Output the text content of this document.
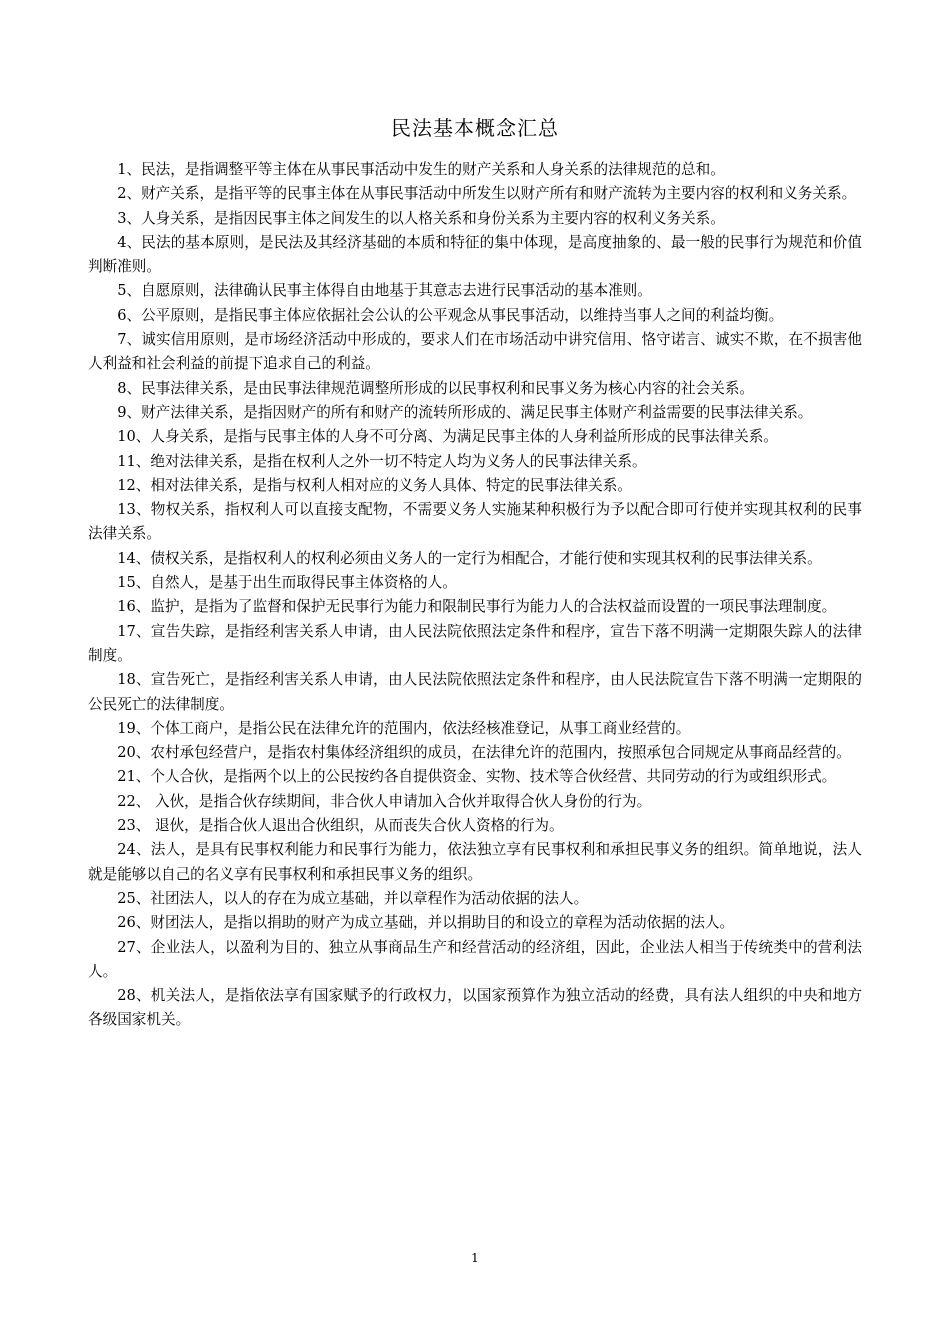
民法基本概念汇总

1、民法，是指调整平等主体在从事民事活动中发生的财产关系和人身关系的法律规范的总和。

2、财产关系，是指平等的民事主体在从事民事活动中所发生以财产所有和财产流转为主要内容的权利和义务关系。

3、人身关系，是指因民事主体之间发生的以人格关系和身份关系为主要内容的权利义务关系。

4、民法的基本原则，是民法及其经济基础的本质和特征的集中体现，是高度抽象的、最一般的民事行为规范和价值判断准则。

5、自愿原则，法律确认民事主体得自由地基于其意志去进行民事活动的基本准则。

6、公平原则，是指民事主体应依据社会公认的公平观念从事民事活动，以维持当事人之间的利益均衡。

7、诚实信用原则，是市场经济活动中形成的，要求人们在市场活动中讲究信用、恪守诺言、诚实不欺，在不损害他人利益和社会利益的前提下追求自己的利益。

8、民事法律关系，是由民事法律规范调整所形成的以民事权利和民事义务为核心内容的社会关系。

9、财产法律关系，是指因财产的所有和财产的流转所形成的、满足民事主体财产利益需要的民事法律关系。

10、人身关系，是指与民事主体的人身不可分离、为满足民事主体的人身利益所形成的民事法律关系。

11、绝对法律关系，是指在权利人之外一切不特定人均为义务人的民事法律关系。

12、相对法律关系，是指与权利人相对应的义务人具体、特定的民事法律关系。

13、物权关系，指权利人可以直接支配物，不需要义务人实施某种积极行为予以配合即可行使并实现其权利的民事法律关系。

14、债权关系，是指权利人的权利必须由义务人的一定行为相配合，才能行使和实现其权利的民事法律关系。

15、自然人，是基于出生而取得民事主体资格的人。

16、监护，是指为了监督和保护无民事行为能力和限制民事行为能力人的合法权益而设置的一项民事法理制度。

17、宣告失踪，是指经利害关系人申请，由人民法院依照法定条件和程序，宣告下落不明满一定期限失踪人的法律制度。

18、宣告死亡，是指经利害关系人申请，由人民法院依照法定条件和程序，由人民法院宣告下落不明满一定期限的公民死亡的法律制度。

19、个体工商户，是指公民在法律允许的范围内，依法经核准登记，从事工商业经营的。

20、农村承包经营户，是指农村集体经济组织的成员，在法律允许的范围内，按照承包合同规定从事商品经营的。

21、个人合伙，是指两个以上的公民按约各自提供资金、实物、技术等合伙经营、共同劳动的行为或组织形式。

22、 入伙，是指合伙存续期间，非合伙人申请加入合伙并取得合伙人身份的行为。

23、 退伙，是指合伙人退出合伙组织，从而丧失合伙人资格的行为。

24、法人，是具有民事权利能力和民事行为能力，依法独立享有民事权利和承担民事义务的组织。简单地说，法人就是能够以自己的名义享有民事权利和承担民事义务的组织。

25、社团法人，以人的存在为成立基础，并以章程作为活动依据的法人。

26、财团法人，是指以捐助的财产为成立基础，并以捐助目的和设立的章程为活动依据的法人。

27、企业法人，以盈利为目的、独立从事商品生产和经营活动的经济组，因此，企业法人相当于传统类中的营利法人。

28、机关法人，是指依法享有国家赋予的行政权力，以国家预算作为独立活动的经费，具有法人组织的中央和地方各级国家机关。

1
